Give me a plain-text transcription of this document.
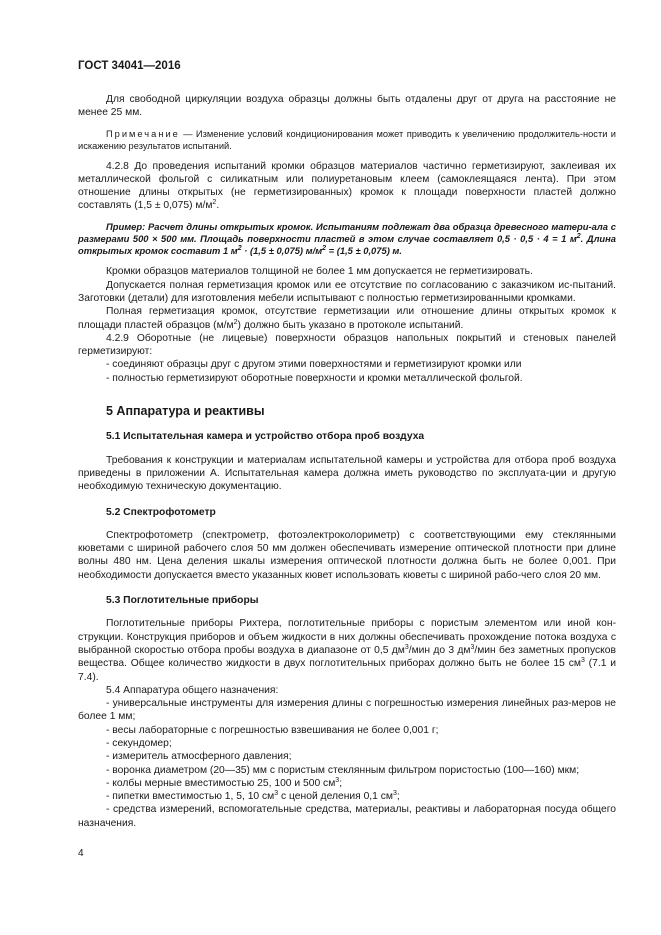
ГОСТ 34041—2016

Для свободной циркуляции воздуха образцы должны быть отдалены друг от друга на расстояние не менее 25 мм.

Примечание — Изменение условий кондиционирования может приводить к увеличению продолжитель-ности и искажению результатов испытаний.

4.2.8 До проведения испытаний кромки образцов материалов частично герметизируют, заклеивая их металлической фольгой с силикатным или полиуретановым клеем (самоклеящаяся лента). При этом отношение длины открытых (не герметизированных) кромок к площади поверхности пластей должно составлять (1,5 ± 0,075) $м/м^2$.

Пример: Расчет длины открытых кромок. Испытаниям подлежат два образца древесного матери-ала с размерами 500 × 500 мм. Площадь поверхности пластей в этом случае составляет 0,5 · 0,5 · 4 = 1 $м^2$. Длина открытых кромок составит 1 $м^2 \cdot (1,5 \pm 0,075) м/м^2 = (1,5 \pm 0,075)$ м.

Кромки образцов материалов толщиной не более 1 мм допускается не герметизировать.

Допускается полная герметизация кромок или ее отсутствие по согласованию с заказчиком ис-пытаний. Заготовки (детали) для изготовления мебели испытывают с полностью герметизированными кромками.

Полная герметизация кромок, отсутствие герметизации или отношение длины открытых кромок к площади пластей образцов $(м/м^2)$ должно быть указано в протоколе испытаний.

4.2.9 Оборотные (не лицевые) поверхности образцов напольных покрытий и стеновых панелей герметизируют:

- соединяют образцы друг с другом этими поверхностями и герметизируют кромки или

- полностью герметизируют оборотные поверхности и кромки металлической фольгой.

5 Аппаратура и реактивы
5.1 Испытательная камера и устройство отбора проб воздуха

Требования к конструкции и материалам испытательной камеры и устройства для отбора проб воздуха приведены в приложении А. Испытательная камера должна иметь руководство по эксплуата-ции и другую необходимую техническую документацию.

5.2 Спектрофотометр

Спектрофотометр (спектрометр, фотоэлектроколориметр) с соответствующими ему стеклянными кюветами с шириной рабочего слоя 50 мм должен обеспечивать измерение оптической плотности при длине волны 480 нм. Цена деления шкалы измерения оптической плотности должна быть не более 0,001. При необходимости допускается вместо указанных кювет использовать кюветы с шириной рабо-чего слоя 20 мм.

5.3 Поглотительные приборы

Поглотительные приборы Рихтера, поглотительные приборы с пористым элементом или иной кон-струкции. Конструкция приборов и объем жидкости в них должны обеспечивать прохождение потока воздуха с выбранной скоростью отбора пробы воздуха в диапазоне от 0,5 $дм^3$/мин до 3 $дм^3$/мин без заметных пропусков вещества. Общее количество жидкости в двух поглотительных приборах должно быть не более 15 $см^3$ (7.1 и 7.4).

5.4 Аппаратура общего назначения:

- универсальные инструменты для измерения длины с погрешностью измерения линейных раз-меров не более 1 мм;

- весы лабораторные с погрешностью взвешивания не более 0,001 г;

- секундомер;

- измеритель атмосферного давления;

- воронка диаметром (20—35) мм с пористым стеклянным фильтром пористостью (100—160) мкм;

- колбы мерные вместимостью 25, 100 и 500 $см^3$;

- пипетки вместимостью 1, 5, 10 $см^3$ с ценой деления 0,1 $см^3$;

- средства измерений, вспомогательные средства, материалы, реактивы и лабораторная посуда общего назначения.

4
